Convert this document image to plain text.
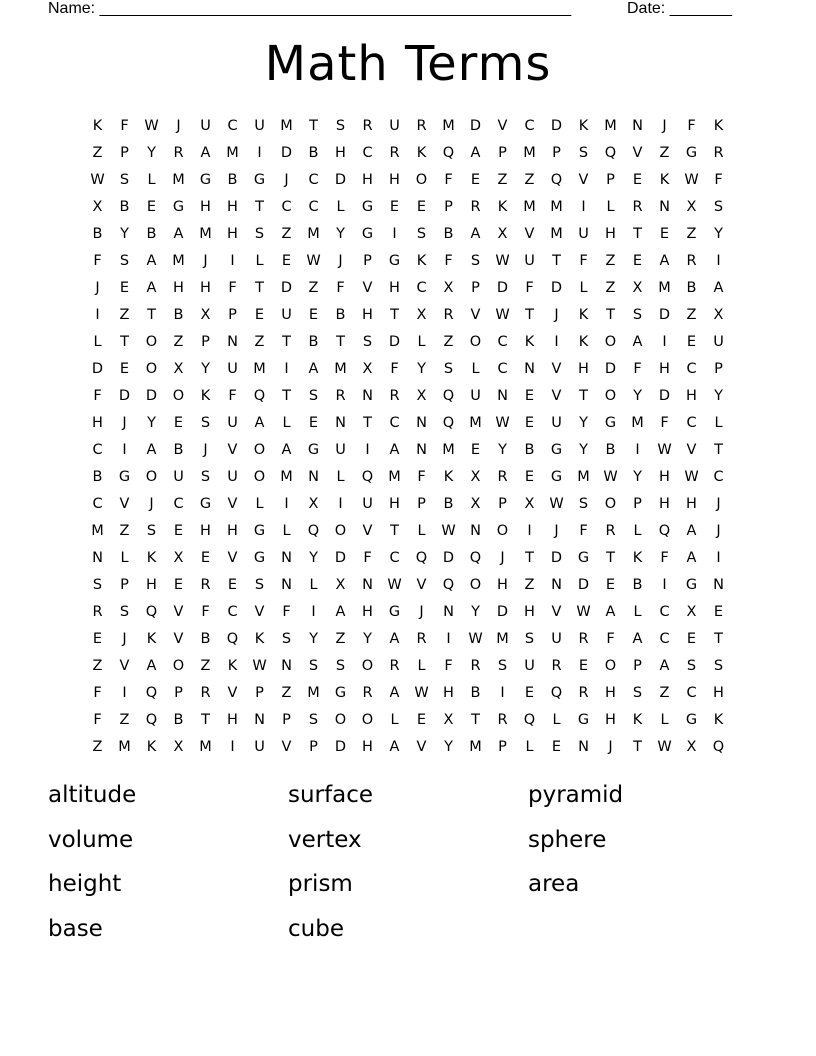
Name: _____________________________________________________	Date: _______
Math Terms
K	F	W	J	U	C	U	M	T	S	R	U	R	M	D	V	C	D	K	M	N	J	F	K
Z	P	Y	R	A	M	I	D	B	H	C	R	K	Q	A	P	M	P	S	Q	V	Z	G	R
W	S	L	M	G	B	G	J	C	D	H	H	O	F	E	Z	Z	Q	V	P	E	K	W	F
X	B	E	G	H	H	T	C	C	L	G	E	E	P	R	K	M M	I	L	R	N	X	S
B	Y	B	A	M	H	S	Z	M	Y	G	I	S	B	A	X	V	M	U	H	T	E	Z	Y
F	S	A	M	J	I	L	E	W	J	P	G	K	F	S	W	U	T	F	Z	E	A	R	I
J	E	A	H	H	F	T	D	Z	F	V	H	C	X	P	D	F	D	L	Z	X	M	B	A
I	Z	T	B	X	P	E	U	E	B	H	T	X	R	V	W	T	J	K	T	S	D	Z	X
L	T	O	Z	P	N	Z	T	B	T	S	D	L	Z	O	C	K	I	K	O	A	I	E	U
D	E	O	X	Y	U	M	I	A	M	X	F	Y	S	L	C	N	V	H	D	F	H	C	P
F	D	D	O	K	F	Q	T	S	R	N	R	X	Q	U	N	E	V	T	O	Y	D	H	Y
H	J	Y	E	S	U	A	L	E	N	T	C	N	Q	M W	E	U	Y	G	M	F	C	L
C	I	A	B	J	V	O	A	G	U	I	A	N	M	E	Y	B	G	Y	B	I	W	V	T
B	G	O	U	S	U	O	M	N	L	Q	M	F	K	X	R	E	G	M W	Y	H W	C
C	V	J	C	G	V	L	I	X	I	U	H	P	B	X	P	X	W	S	O	P	H	H	J
M	Z	S	E	H	H	G	L	Q	O	V	T	L	W N	O	I	J	F	R	L	Q	A	J
N	L	K	X	E	V	G	N	Y	D	F	C	Q	D	Q	J	T	D	G	T	K	F	A	I
S	P	H	E	R	E	S	N	L	X	N W	V	Q	O	H	Z	N	D	E	B	I	G	N
R	S	Q	V	F	C	V	F	I	A	H	G	J	N	Y	D	H	V	W	A	L	C	X	E
E	J	K	V	B	Q	K	S	Y	Z	Y	A	R	I	W M	S	U	R	F	A	C	E	T
Z	V	A	O	Z	K	W N	S	S	O	R	L	F	R	S	U	R	E	O	P	A	S	S
F	I	Q	P	R	V	P	Z	M	G	R	A	W H	B	I	E	Q	R	H	S	Z	C	H
F	Z	Q	B	T	H	N	P	S	O	O	L	E	X	T	R	Q	L	G	H	K	L	G	K
Z	M	K	X	M	I	U	V	P	D	H	A	V	Y	M	P	L	E	N	J	T	W	X	Q
altitude	surface	pyramid
volume	vertex	sphere
height	prism	area
base	cube
